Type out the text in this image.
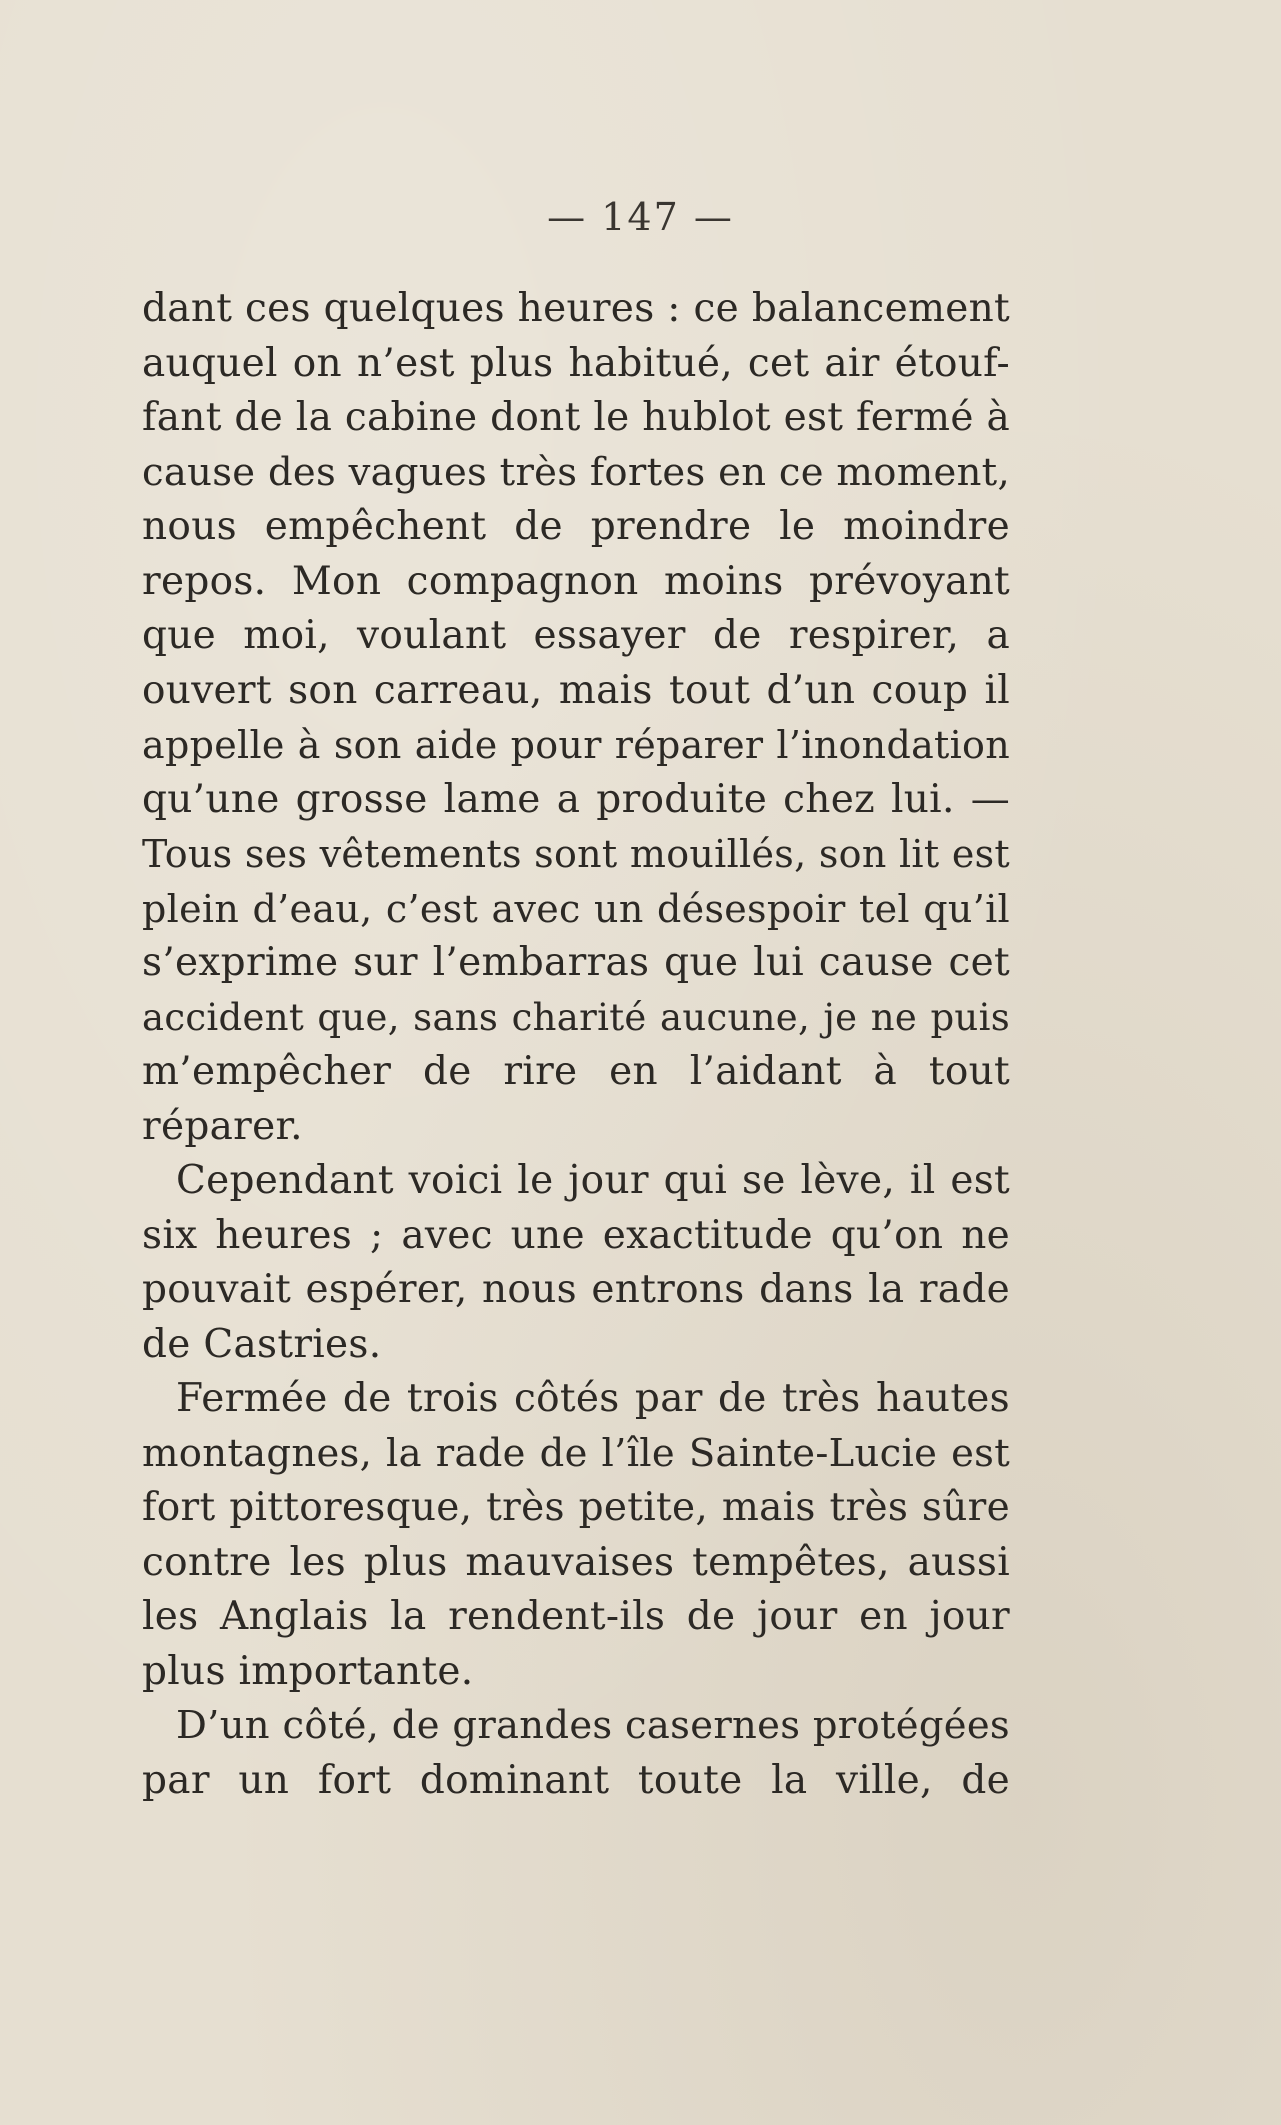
— 147 —
dant ces quelques heures : ce balancement
auquel on n’est plus habitué, cet air étouf-
fant de la cabine dont le hublot est fermé à
cause des vagues très fortes en ce moment,
nous empêchent de prendre le moindre
repos. Mon compagnon moins prévoyant
que moi, voulant essayer de respirer, a
ouvert son carreau, mais tout d’un coup il
appelle à son aide pour réparer l’inondation
qu’une grosse lame a produite chez lui. —
Tous ses vêtements sont mouillés, son lit est
plein d’eau, c’est avec un désespoir tel qu’il
s’exprime sur l’embarras que lui cause cet
accident que, sans charité aucune, je ne puis
m’empêcher de rire en l’aidant à tout
réparer.
Cependant voici le jour qui se lève, il est
six heures ; avec une exactitude qu’on ne
pouvait espérer, nous entrons dans la rade
de Castries.
Fermée de trois côtés par de très hautes
montagnes, la rade de l’île Sainte-Lucie est
fort pittoresque, très petite, mais très sûre
contre les plus mauvaises tempêtes, aussi
les Anglais la rendent-ils de jour en jour
plus importante.
D’un côté, de grandes casernes protégées
par un fort dominant toute la ville, de
